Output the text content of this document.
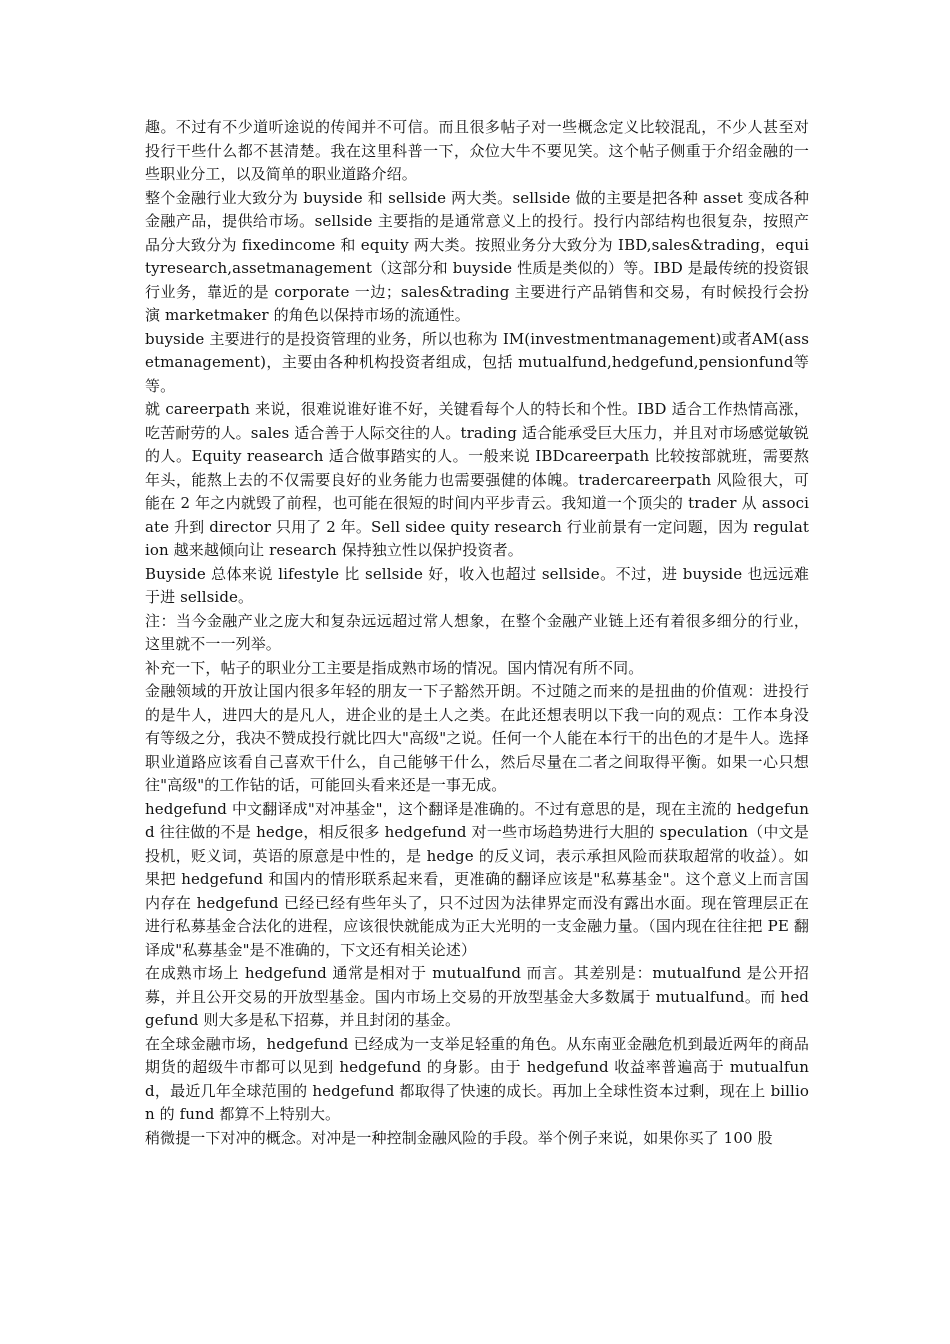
趣。不过有不少道听途说的传闻并不可信。而且很多帖子对一些概念定义比较混乱，不少人甚至对投行干些什么都不甚清楚。我在这里科普一下，众位大牛不要见笑。这个帖子侧重于介绍金融的一些职业分工，以及简单的职业道路介绍。

整个金融行业大致分为 buyside 和 sellside 两大类。sellside 做的主要是把各种 asset 变成各种金融产品，提供给市场。sellside 主要指的是通常意义上的投行。投行内部结构也很复杂，按照产品分大致分为 fixedincome 和 equity 两大类。按照业务分大致分为 IBD,sales&trading，equityresearch,assetmanagement（这部分和 buyside 性质是类似的）等。IBD 是最传统的投资银行业务，靠近的是 corporate 一边；sales&trading 主要进行产品销售和交易，有时候投行会扮演 marketmaker 的角色以保持市场的流通性。

buyside 主要进行的是投资管理的业务，所以也称为 IM(investmentmanagement)或者AM(assetmanagement)，主要由各种机构投资者组成，包括 mutualfund,hedgefund,pensionfund等等。

就 careerpath 来说，很难说谁好谁不好，关键看每个人的特长和个性。IBD 适合工作热情高涨，吃苦耐劳的人。sales 适合善于人际交往的人。trading 适合能承受巨大压力，并且对市场感觉敏锐的人。Equity reasearch 适合做事踏实的人。一般来说 IBDcareerpath 比较按部就班，需要熬年头，能熬上去的不仅需要良好的业务能力也需要强健的体魄。tradercareerpath 风险很大，可能在 2 年之内就毁了前程，也可能在很短的时间内平步青云。我知道一个顶尖的 trader 从 associate 升到 director 只用了 2 年。Sell sidee quity research 行业前景有一定问题，因为 regulation 越来越倾向让 research 保持独立性以保护投资者。

Buyside 总体来说 lifestyle 比 sellside 好，收入也超过 sellside。不过，进 buyside 也远远难于进 sellside。

注：当今金融产业之庞大和复杂远远超过常人想象，在整个金融产业链上还有着很多细分的行业，这里就不一一列举。

补充一下，帖子的职业分工主要是指成熟市场的情况。国内情况有所不同。

金融领域的开放让国内很多年轻的朋友一下子豁然开朗。不过随之而来的是扭曲的价值观：进投行的是牛人，进四大的是凡人，进企业的是土人之类。在此还想表明以下我一向的观点：工作本身没有等级之分，我决不赞成投行就比四大"高级"之说。任何一个人能在本行干的出色的才是牛人。选择职业道路应该看自己喜欢干什么，自己能够干什么，然后尽量在二者之间取得平衡。如果一心只想往"高级"的工作钻的话，可能回头看来还是一事无成。

hedgefund 中文翻译成"对冲基金"，这个翻译是准确的。不过有意思的是，现在主流的 hedgefund 往往做的不是 hedge，相反很多 hedgefund 对一些市场趋势进行大胆的 speculation（中文是投机，贬义词，英语的原意是中性的，是 hedge 的反义词，表示承担风险而获取超常的收益）。如果把 hedgefund 和国内的情形联系起来看，更准确的翻译应该是"私募基金"。这个意义上而言国内存在 hedgefund 已经已经有些年头了，只不过因为法律界定而没有露出水面。现在管理层正在进行私募基金合法化的进程，应该很快就能成为正大光明的一支金融力量。（国内现在往往把 PE 翻译成"私募基金"是不准确的，下文还有相关论述）

在成熟市场上 hedgefund 通常是相对于 mutualfund 而言。其差别是：mutualfund 是公开招募，并且公开交易的开放型基金。国内市场上交易的开放型基金大多数属于 mutualfund。而 hedgefund 则大多是私下招募，并且封闭的基金。

在全球金融市场，hedgefund 已经成为一支举足轻重的角色。从东南亚金融危机到最近两年的商品期货的超级牛市都可以见到 hedgefund 的身影。由于 hedgefund 收益率普遍高于 mutualfund，最近几年全球范围的 hedgefund 都取得了快速的成长。再加上全球性资本过剩，现在上 billion 的 fund 都算不上特别大。

稍微提一下对冲的概念。对冲是一种控制金融风险的手段。举个例子来说，如果你买了 100 股
